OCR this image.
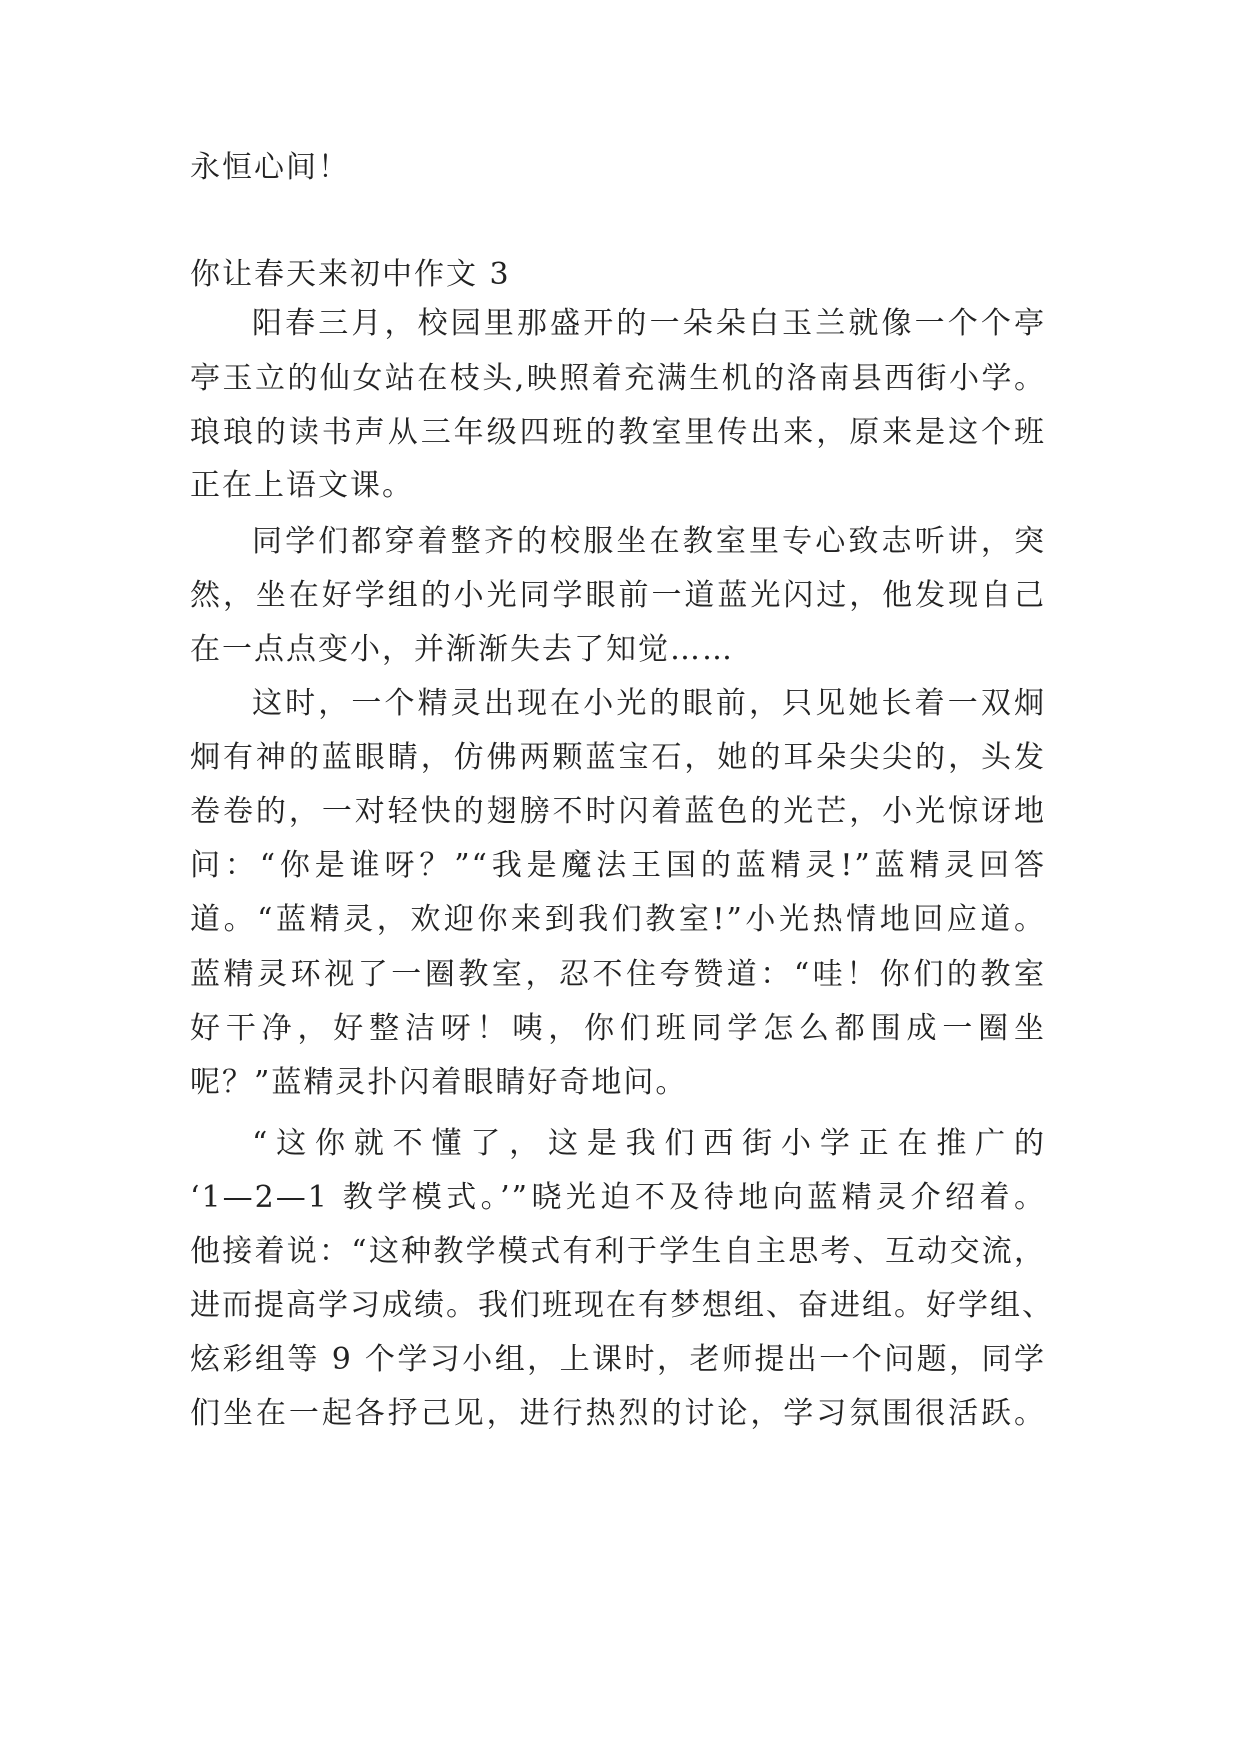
永恒心间！
你让春天来初中作文 3
阳春三月，校园里那盛开的一朵朵白玉兰就像一个个亭
亭玉立的仙女站在枝头,映照着充满生机的洛南县西街小学。
琅琅的读书声从三年级四班的教室里传出来，原来是这个班
正在上语文课。
同学们都穿着整齐的校服坐在教室里专心致志听讲，突
然，坐在好学组的小光同学眼前一道蓝光闪过，他发现自己
在一点点变小，并渐渐失去了知觉……
这时，一个精灵出现在小光的眼前，只见她长着一双炯
炯有神的蓝眼睛，仿佛两颗蓝宝石，她的耳朵尖尖的，头发
卷卷的，一对轻快的翅膀不时闪着蓝色的光芒，小光惊讶地
问：“你是谁呀？”“我是魔法王国的蓝精灵!”蓝精灵回答
道。“蓝精灵，欢迎你来到我们教室!”小光热情地回应道。
蓝精灵环视了一圈教室，忍不住夸赞道：“哇！你们的教室
好干净，好整洁呀！咦，你们班同学怎么都围成一圈坐
呢？”蓝精灵扑闪着眼睛好奇地问。
“这你就不懂了，这是我们西街小学正在推广的
‘1—2—1 教学模式。’”晓光迫不及待地向蓝精灵介绍着。
他接着说：“这种教学模式有利于学生自主思考、互动交流，
进而提高学习成绩。我们班现在有梦想组、奋进组。好学组、
炫彩组等 9 个学习小组，上课时，老师提出一个问题，同学
们坐在一起各抒己见，进行热烈的讨论，学习氛围很活跃。
